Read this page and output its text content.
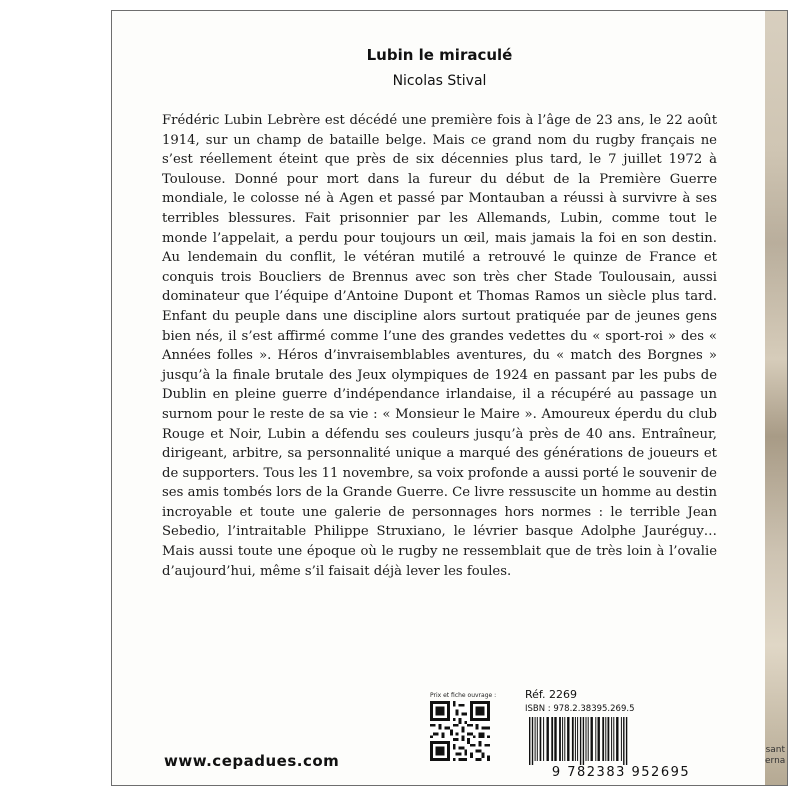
sant erna
Lubin le miraculé
Nicolas Stival

Frédéric Lubin Lebrère est décédé une première fois à l’âge de 23 ans, le 22 août 1914, sur un champ de bataille belge. Mais ce grand nom du rugby français ne s’est réellement éteint que près de six décennies plus tard, le 7 juillet 1972 à Toulouse. Donné pour mort dans la fureur du début de la Première Guerre mondiale, le colosse né à Agen et passé par Montauban a réussi à survivre à ses terribles blessures. Fait prisonnier par les Allemands, Lubin, comme tout le monde l’appelait, a perdu pour toujours un œil, mais jamais la foi en son destin. Au lendemain du conflit, le vétéran mutilé a retrouvé le quinze de France et conquis trois Boucliers de Brennus avec son très cher Stade Toulousain, aussi dominateur que l’équipe d’Antoine Dupont et Thomas Ramos un siècle plus tard. Enfant du peuple dans une discipline alors surtout pratiquée par de jeunes gens bien nés, il s’est affirmé comme l’une des grandes vedettes du « sport-roi » des « Années folles ». Héros d’invraisemblables aventures, du « match des Borgnes » jusqu’à la finale brutale des Jeux olympiques de 1924 en passant par les pubs de Dublin en pleine guerre d’indépendance irlandaise, il a récupéré au passage un surnom pour le reste de sa vie : « Monsieur le Maire ». Amoureux éperdu du club Rouge et Noir, Lubin a défendu ses couleurs jusqu’à près de 40 ans. Entraîneur, dirigeant, arbitre, sa personnalité unique a marqué des générations de joueurs et de supporters. Tous les 11 novembre, sa voix profonde a aussi porté le souvenir de ses amis tombés lors de la Grande Guerre. Ce livre ressuscite un homme au destin incroyable et toute une galerie de personnages hors normes : le terrible Jean Sebedio, l’intraitable Philippe Struxiano, le lévrier basque Adolphe Jauréguy… Mais aussi toute une époque où le rugby ne ressemblait que de très loin à l’ovalie d’aujourd’hui, même s’il faisait déjà lever les foules.

Prix et fiche ouvrage :
www.cepadues.com
Réf. 2269
ISBN : 978.2.38395.269.5
9 782383 952695
